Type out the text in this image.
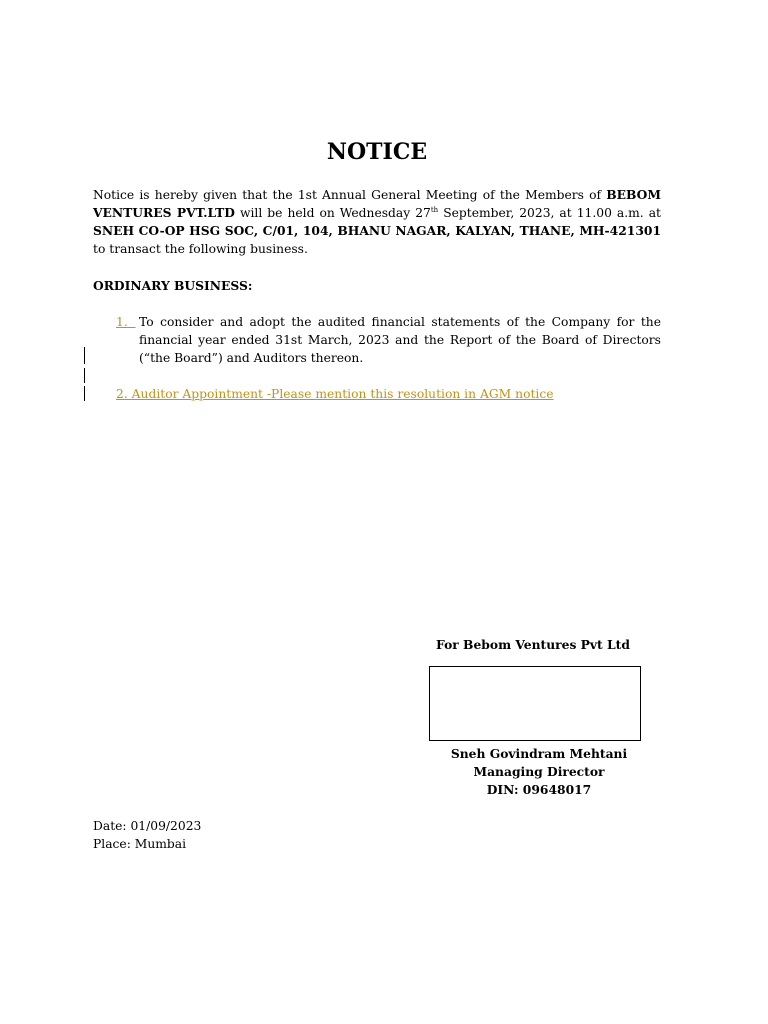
NOTICE

Notice is hereby given that the 1st Annual General Meeting of the Members of BEBOM VENTURES PVT.LTD will be held on Wednesday 27th September, 2023, at 11.00 a.m. at SNEH CO-OP HSG SOC, C/01, 104, BHANU NAGAR, KALYAN, THANE, MH-421301 to transact the following business.

ORDINARY BUSINESS:

1. To consider and adopt the audited financial statements of the Company for the financial year ended 31st March, 2023 and the Report of the Board of Directors (“the Board”) and Auditors thereon.
2. Auditor Appointment -Please mention this resolution in AGM notice
For Bebom Ventures Pvt Ltd
Sneh Govindram Mehtani
Managing Director
DIN: 09648017
Date: 01/09/2023
Place: Mumbai
